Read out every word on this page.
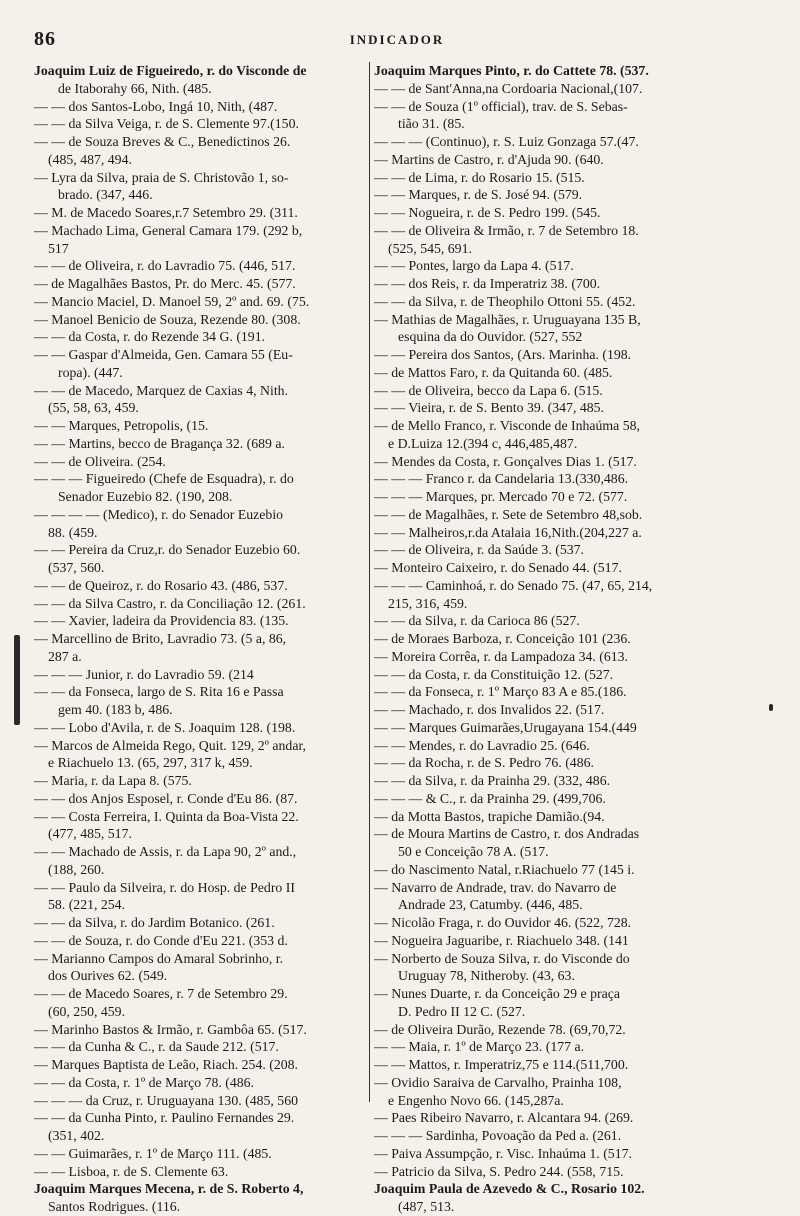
86	INDICADOR
Joaquim Luiz de Figueiredo, r. do Visconde de
de Itaborahy 66, Nith. (485.
— — dos Santos-Lobo, Ingá 10, Nith, (487.
— — da Silva Veiga, r. de S. Clemente 97.(150.
— — de Souza Breves & C., Benedictinos 26.
(485, 487, 494.
— Lyra da Silva, praia de S. Christovão 1, so-
brado. (347, 446.
— M. de Macedo Soares,r.7 Setembro 29. (311.
— Machado Lima, General Camara 179. (292 b,
517
— — de Oliveira, r. do Lavradio 75. (446, 517.
— de Magalhães Bastos, Pr. do Merc. 45. (577.
— Mancio Maciel, D. Manoel 59, 2º and. 69. (75.
— Manoel Benicio de Souza, Rezende 80. (308.
— — da Costa, r. do Rezende 34 G. (191.
— — Gaspar d'Almeida, Gen. Camara 55 (Eu-
ropa). (447.
— — de Macedo, Marquez de Caxias 4, Nith.
(55, 58, 63, 459.
— — Marques, Petropolis, (15.
— — Martins, becco de Bragança 32. (689 a.
— — de Oliveira. (254.
— — — Figueiredo (Chefe de Esquadra), r. do
Senador Euzebio 82. (190, 208.
— — — — (Medico), r. do Senador Euzebio
88. (459.
— — Pereira da Cruz,r. do Senador Euzebio 60.
(537, 560.
— — de Queiroz, r. do Rosario 43. (486, 537.
— — da Silva Castro, r. da Conciliação 12. (261.
— — Xavier, ladeira da Providencia 83. (135.
— Marcellino de Brito, Lavradio 73. (5 a, 86,
287 a.
— — — Junior, r. do Lavradio 59. (214
— — da Fonseca, largo de S. Rita 16 e Passa
gem 40. (183 b, 486.
— — Lobo d'Avila, r. de S. Joaquim 128. (198.
— Marcos de Almeida Rego, Quit. 129, 2º andar,
e Riachuelo 13. (65, 297, 317 k, 459.
— Maria, r. da Lapa 8. (575.
— — dos Anjos Esposel, r. Conde d'Eu 86. (87.
— — Costa Ferreira, I. Quinta da Boa-Vista 22.
(477, 485, 517.
— — Machado de Assis, r. da Lapa 90, 2º and.,
(188, 260.
— — Paulo da Silveira, r. do Hosp. de Pedro II
58. (221, 254.
— — da Silva, r. do Jardim Botanico. (261.
— — de Souza, r. do Conde d'Eu 221. (353 d.
— Marianno Campos do Amaral Sobrinho, r.
dos Ourives 62. (549.
— — de Macedo Soares, r. 7 de Setembro 29.
(60, 250, 459.
— Marinho Bastos & Irmão, r. Gambôa 65. (517.
— — da Cunha & C., r. da Saude 212. (517.
— Marques Baptista de Leão, Riach. 254. (208.
— — da Costa, r. 1º de Março 78. (486.
— — — da Cruz, r. Uruguayana 130. (485, 560
— — da Cunha Pinto, r. Paulino Fernandes 29.
(351, 402.
— — Guimarães, r. 1º de Março 111. (485.
— — Lisboa, r. de S. Clemente 63.
Joaquim Marques Mecena, r. de S. Roberto 4,
Santos Rodrigues. (116.
Joaquim Marques Pinto, r. do Cattete 78. (537.
— — de Sant'Anna,na Cordoaria Nacional,(107.
— — de Souza (1º official), trav. de S. Sebas-
tião 31. (85.
— — — (Continuo), r. S. Luiz Gonzaga 57.(47.
— Martins de Castro, r. d'Ajuda 90. (640.
— — de Lima, r. do Rosario 15. (515.
— — Marques, r. de S. José 94. (579.
— — Nogueira, r. de S. Pedro 199. (545.
— — de Oliveira & Irmão, r. 7 de Setembro 18.
(525, 545, 691.
— — Pontes, largo da Lapa 4. (517.
— — dos Reis, r. da Imperatriz 38. (700.
— — da Silva, r. de Theophilo Ottoni 55. (452.
— Mathias de Magalhães, r. Uruguayana 135 B,
esquina da do Ouvidor. (527, 552
— — Pereira dos Santos, (Ars. Marinha. (198.
— de Mattos Faro, r. da Quitanda 60. (485.
— — de Oliveira, becco da Lapa 6. (515.
— — Vieira, r. de S. Bento 39. (347, 485.
— de Mello Franco, r. Visconde de Inhaúma 58,
e D.Luiza 12.(394 c, 446,485,487.
— Mendes da Costa, r. Gonçalves Dias 1. (517.
— — — Franco r. da Candelaria 13.(330,486.
— — — Marques, pr. Mercado 70 e 72. (577.
— — de Magalhães, r. Sete de Setembro 48,sob.
— — Malheiros,r.da Atalaia 16,Nith.(204,227 a.
— — de Oliveira, r. da Saúde 3. (537.
— Monteiro Caixeiro, r. do Senado 44. (517.
— — — Caminhoá, r. do Senado 75. (47, 65, 214,
215, 316, 459.
— — da Silva, r. da Carioca 86 (527.
— de Moraes Barboza, r. Conceição 101 (236.
— Moreira Corrêa, r. da Lampadoza 34. (613.
— — da Costa, r. da Constituição 12. (527.
— — da Fonseca, r. 1º Março 83 A e 85.(186.
— — Machado, r. dos Invalidos 22. (517.
— — Marques Guimarães,Urugayana 154.(449
— — Mendes, r. do Lavradio 25. (646.
— — da Rocha, r. de S. Pedro 76. (486.
— — da Silva, r. da Prainha 29. (332, 486.
— — — & C., r. da Prainha 29. (499,706.
— da Motta Bastos, trapiche Damião.(94.
— de Moura Martins de Castro, r. dos Andradas
50 e Conceição 78 A. (517.
— do Nascimento Natal, r.Riachuelo 77 (145 i.
— Navarro de Andrade, trav. do Navarro de
Andrade 23, Catumby. (446, 485.
— Nicolão Fraga, r. do Ouvidor 46. (522, 728.
— Nogueira Jaguaribe, r. Riachuelo 348. (141
— Norberto de Souza Silva, r. do Visconde do
Uruguay 78, Nitheroby. (43, 63.
— Nunes Duarte, r. da Conceição 29 e praça
D. Pedro II 12 C. (527.
— de Oliveira Durão, Rezende 78. (69,70,72.
— — Maia, r. 1º de Março 23. (177 a.
— — Mattos, r. Imperatriz,75 e 114.(511,700.
— Ovidio Saraiva de Carvalho, Prainha 108,
e Engenho Novo 66. (145,287a.
— Paes Ribeiro Navarro, r. Alcantara 94. (269.
— — — Sardinha, Povoação da Ped a. (261.
— Paiva Assumpção, r. Visc. Inhaúma 1. (517.
— Patricio da Silva, S. Pedro 244. (558, 715.
Joaquim Paula de Azevedo & C., Rosario 102.
(487, 513.
